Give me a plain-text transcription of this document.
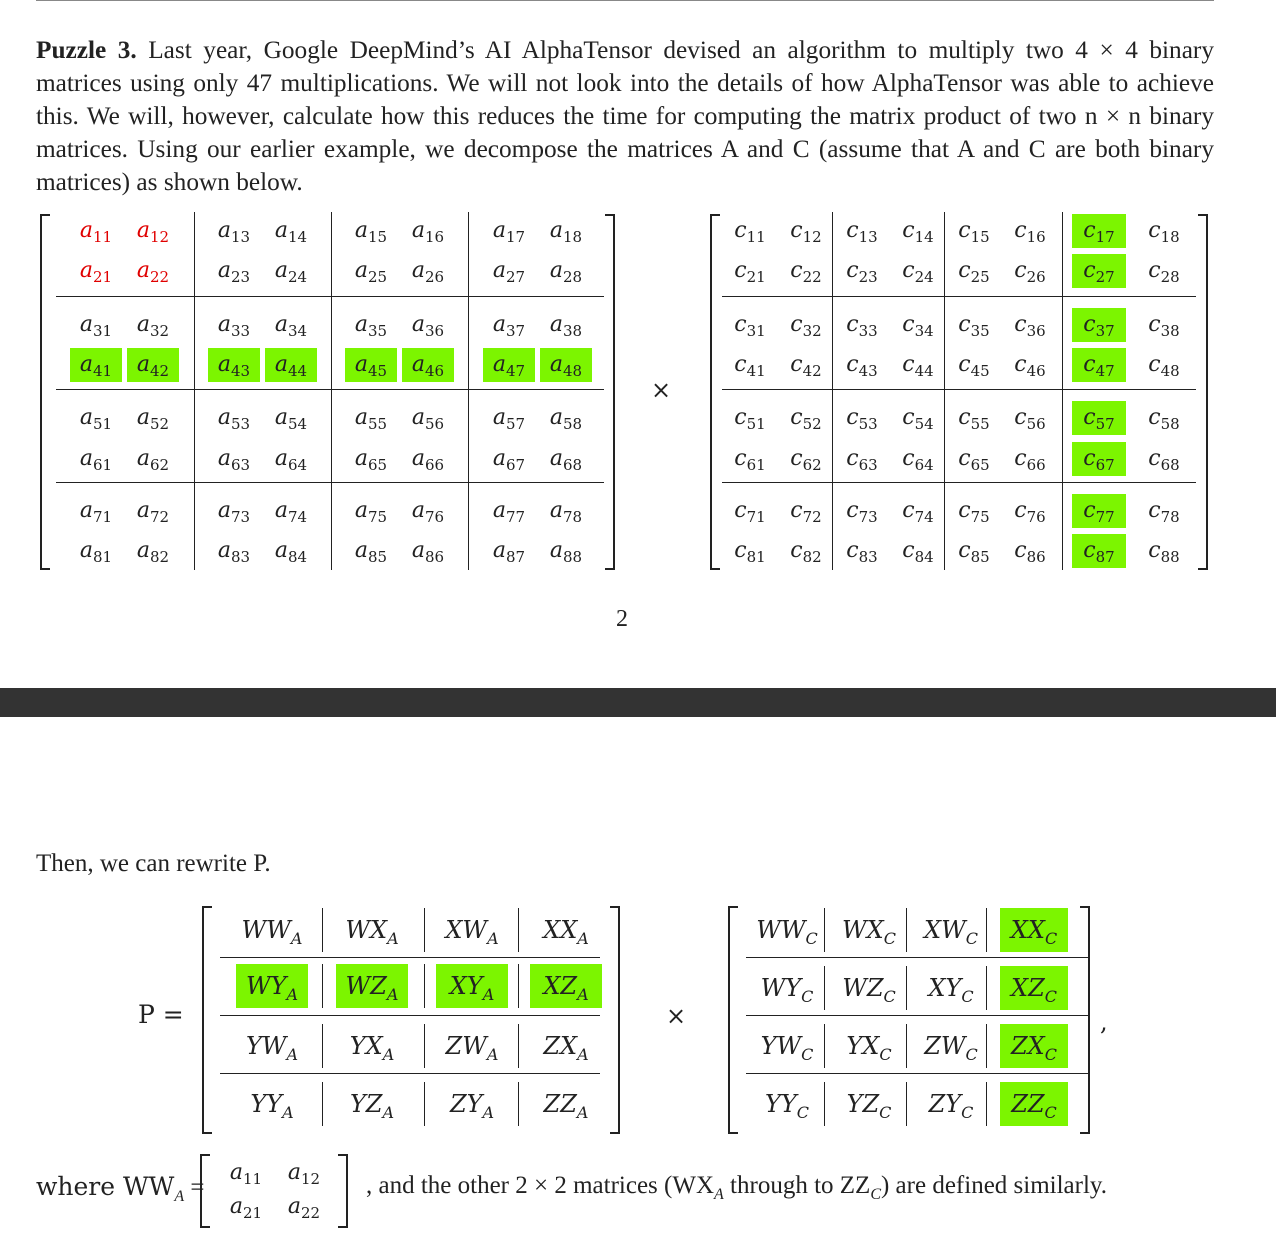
Puzzle 3. Last year, Google DeepMind’s AI AlphaTensor devised an algorithm to multiply two 4 × 4 binary matrices using only 47 multiplications. We will not look into the details of how AlphaTensor was able to achieve this. We will, however, calculate how this reduces the time for computing the matrix product of two n × n binary matrices. Using our earlier example, we decompose the matrices A and C (assume that A and C are both binary matrices) as shown below.
×
2
Then, we can rewrite P.
P =	×	,
where $WW_A$ =	, and the other 2 × 2 matrices ($WX_A$ through to $ZZ_C$) are defined similarly.
$a_{11}$	$a_{12}$	$a_{13}$	$a_{14}$	$a_{15}$	$a_{16}$	$a_{17}$	$a_{18}$
$a_{21}$	$a_{22}$	$a_{23}$	$a_{24}$	$a_{25}$	$a_{26}$	$a_{27}$	$a_{28}$
$a_{31}$	$a_{32}$	$a_{33}$	$a_{34}$	$a_{35}$	$a_{36}$	$a_{37}$	$a_{38}$
$a_{41}$	$a_{42}$	$a_{43}$	$a_{44}$	$a_{45}$	$a_{46}$	$a_{47}$	$a_{48}$
$a_{51}$	$a_{52}$	$a_{53}$	$a_{54}$	$a_{55}$	$a_{56}$	$a_{57}$	$a_{58}$
$a_{61}$	$a_{62}$	$a_{63}$	$a_{64}$	$a_{65}$	$a_{66}$	$a_{67}$	$a_{68}$
$a_{71}$	$a_{72}$	$a_{73}$	$a_{74}$	$a_{75}$	$a_{76}$	$a_{77}$	$a_{78}$
$a_{81}$	$a_{82}$	$a_{83}$	$a_{84}$	$a_{85}$	$a_{86}$	$a_{87}$	$a_{88}$
$c_{11}$	$c_{12}$	$c_{13}$	$c_{14}$	$c_{15}$	$c_{16}$	$c_{17}$	$c_{18}$
$c_{21}$	$c_{22}$	$c_{23}$	$c_{24}$	$c_{25}$	$c_{26}$	$c_{27}$	$c_{28}$
$c_{31}$	$c_{32}$	$c_{33}$	$c_{34}$	$c_{35}$	$c_{36}$	$c_{37}$	$c_{38}$
$c_{41}$	$c_{42}$	$c_{43}$	$c_{44}$	$c_{45}$	$c_{46}$	$c_{47}$	$c_{48}$
$c_{51}$	$c_{52}$	$c_{53}$	$c_{54}$	$c_{55}$	$c_{56}$	$c_{57}$	$c_{58}$
$c_{61}$	$c_{62}$	$c_{63}$	$c_{64}$	$c_{65}$	$c_{66}$	$c_{67}$	$c_{68}$
$c_{71}$	$c_{72}$	$c_{73}$	$c_{74}$	$c_{75}$	$c_{76}$	$c_{77}$	$c_{78}$
$c_{81}$	$c_{82}$	$c_{83}$	$c_{84}$	$c_{85}$	$c_{86}$	$c_{87}$	$c_{88}$
$WW_A$	$WX_A$	$XW_A$	$XX_A$
$WY_A$	$WZ_A$	$XY_A$	$XZ_A$
$YW_A$	$YX_A$	$ZW_A$	$ZX_A$
$YY_A$	$YZ_A$	$ZY_A$	$ZZ_A$
$WW_C$	$WX_C$	$XW_C$	$XX_C$
$WY_C$	$WZ_C$	$XY_C$	$XZ_C$
$YW_C$	$YX_C$	$ZW_C$	$ZX_C$
$YY_C$	$YZ_C$	$ZY_C$	$ZZ_C$
$a_{11}$	$a_{12}$
$a_{21}$	$a_{22}$
